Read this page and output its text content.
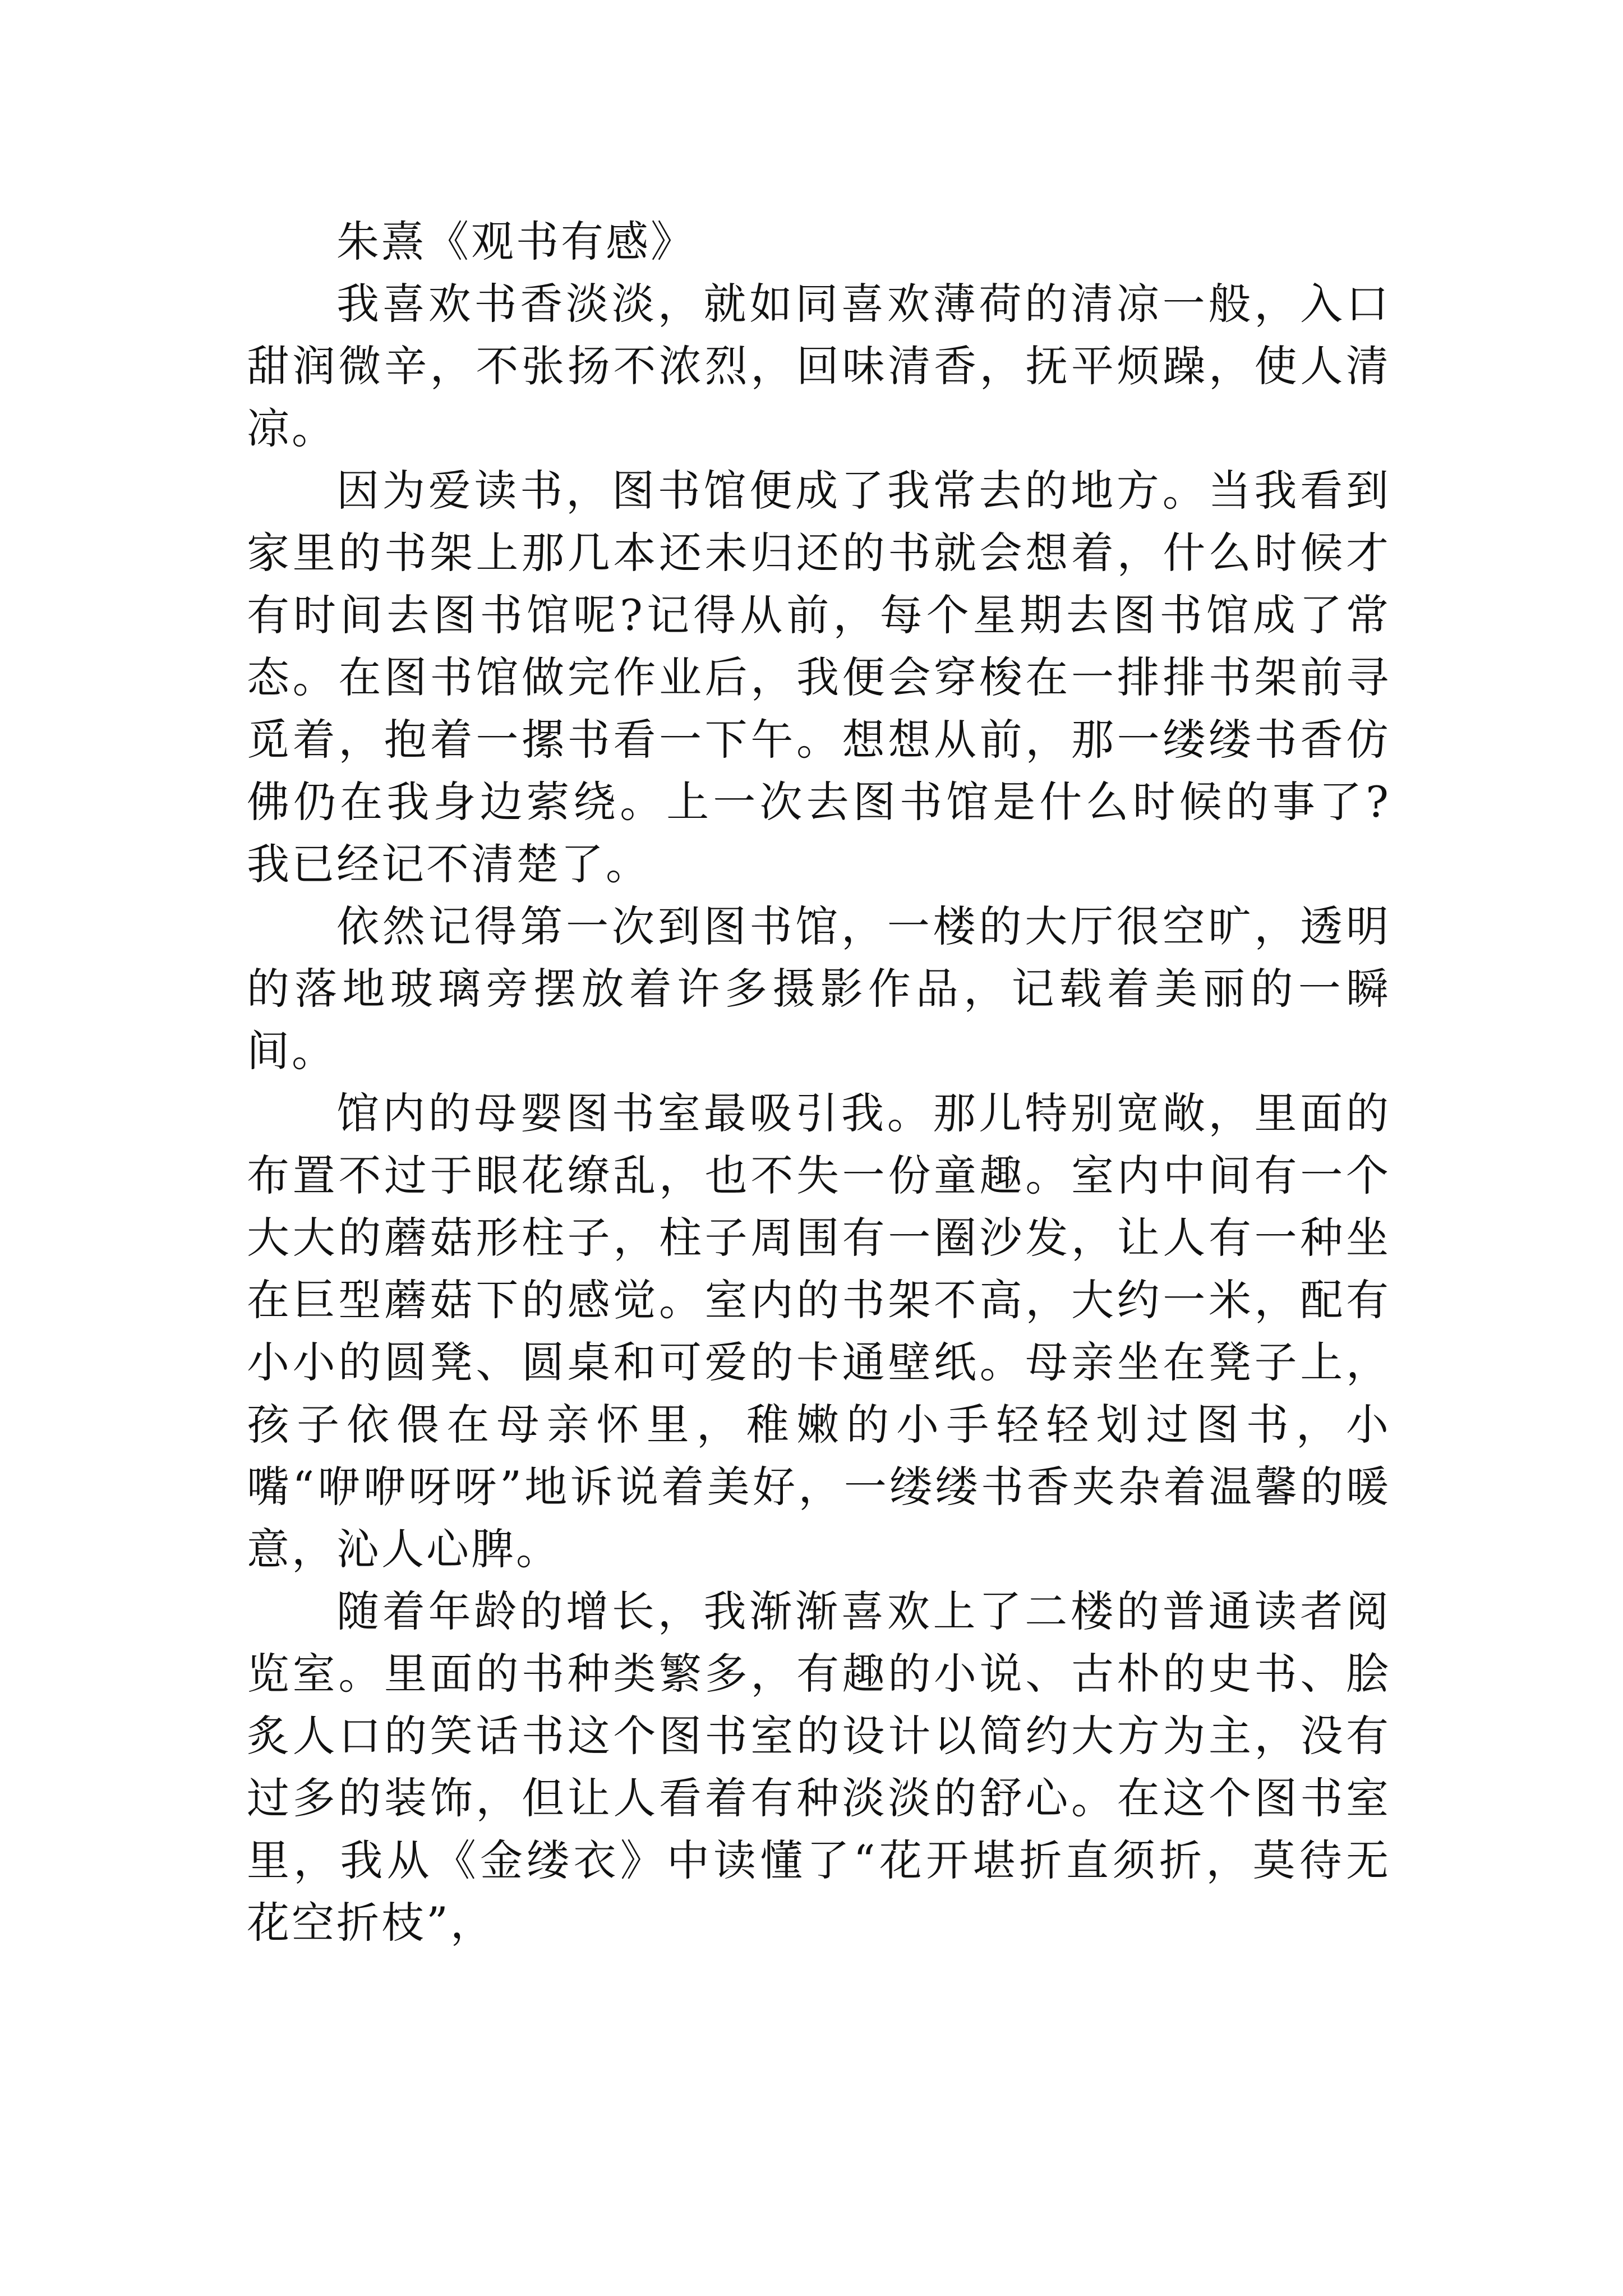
朱熹《观书有感》

我喜欢书香淡淡，就如同喜欢薄荷的清凉一般，入口甜润微辛，不张扬不浓烈，回味清香，抚平烦躁，使人清凉。

因为爱读书，图书馆便成了我常去的地方。当我看到家里的书架上那几本还未归还的书就会想着，什么时候才有时间去图书馆呢?记得从前，每个星期去图书馆成了常态。在图书馆做完作业后，我便会穿梭在一排排书架前寻觅着，抱着一摞书看一下午。想想从前，那一缕缕书香仿佛仍在我身边萦绕。上一次去图书馆是什么时候的事了?我已经记不清楚了。

依然记得第一次到图书馆，一楼的大厅很空旷，透明的落地玻璃旁摆放着许多摄影作品，记载着美丽的一瞬间。

馆内的母婴图书室最吸引我。那儿特别宽敞，里面的布置不过于眼花缭乱，也不失一份童趣。室内中间有一个大大的蘑菇形柱子，柱子周围有一圈沙发，让人有一种坐在巨型蘑菇下的感觉。室内的书架不高，大约一米，配有小小的圆凳、圆桌和可爱的卡通壁纸。母亲坐在凳子上，孩子依偎在母亲怀里，稚嫩的小手轻轻划过图书，小嘴“咿咿呀呀”地诉说着美好，一缕缕书香夹杂着温馨的暖意，沁人心脾。

随着年龄的增长，我渐渐喜欢上了二楼的普通读者阅览室。里面的书种类繁多，有趣的小说、古朴的史书、脍炙人口的笑话书这个图书室的设计以简约大方为主，没有过多的装饰，但让人看着有种淡淡的舒心。在这个图书室里，我从《金缕衣》中读懂了“花开堪折直须折，莫待无花空折枝”，
